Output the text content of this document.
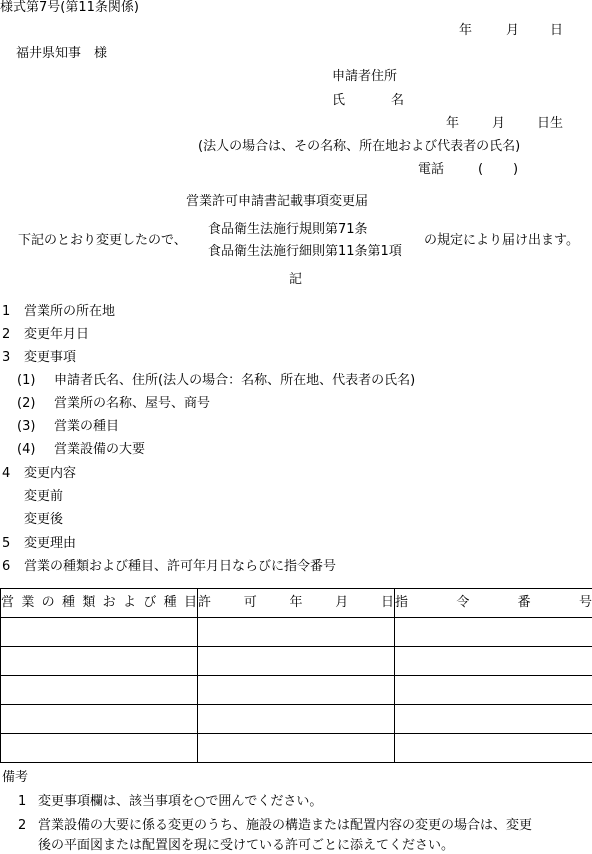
様式第7号(第11条関係)
年	月 日
福井県知事　様
申請者住所
氏	名
年	月 日生
(法人の場合は、その名称、所在地および代表者の氏名)
電話	( )
営業許可申請書記載事項変更届
下記のとおり変更したので、
食品衛生法施行規則第71条
食品衛生法施行細則第11条第1項
の規定により届け出ます。
記
1 営業所の所在地
2 変更年月日
3 変更事項
(1) 申請者氏名、住所(法人の場合：名称、所在地、代表者の氏名)
(2) 営業所の名称、屋号、商号
(3) 営業の種目
(4) 営業設備の大要
4 変更内容
変更前
変更後
5 変更理由
6 営業の種類および種目、許可年月日ならびに指令番号
営業の種類および種目	許可年月日	指令番号

備考
1 変更事項欄は、該当事項を○で囲んでください。
2 営業設備の大要に係る変更のうち、施設の構造または配置内容の変更の場合は、変更
後の平面図または配置図を現に受けている許可ごとに添えてください。
